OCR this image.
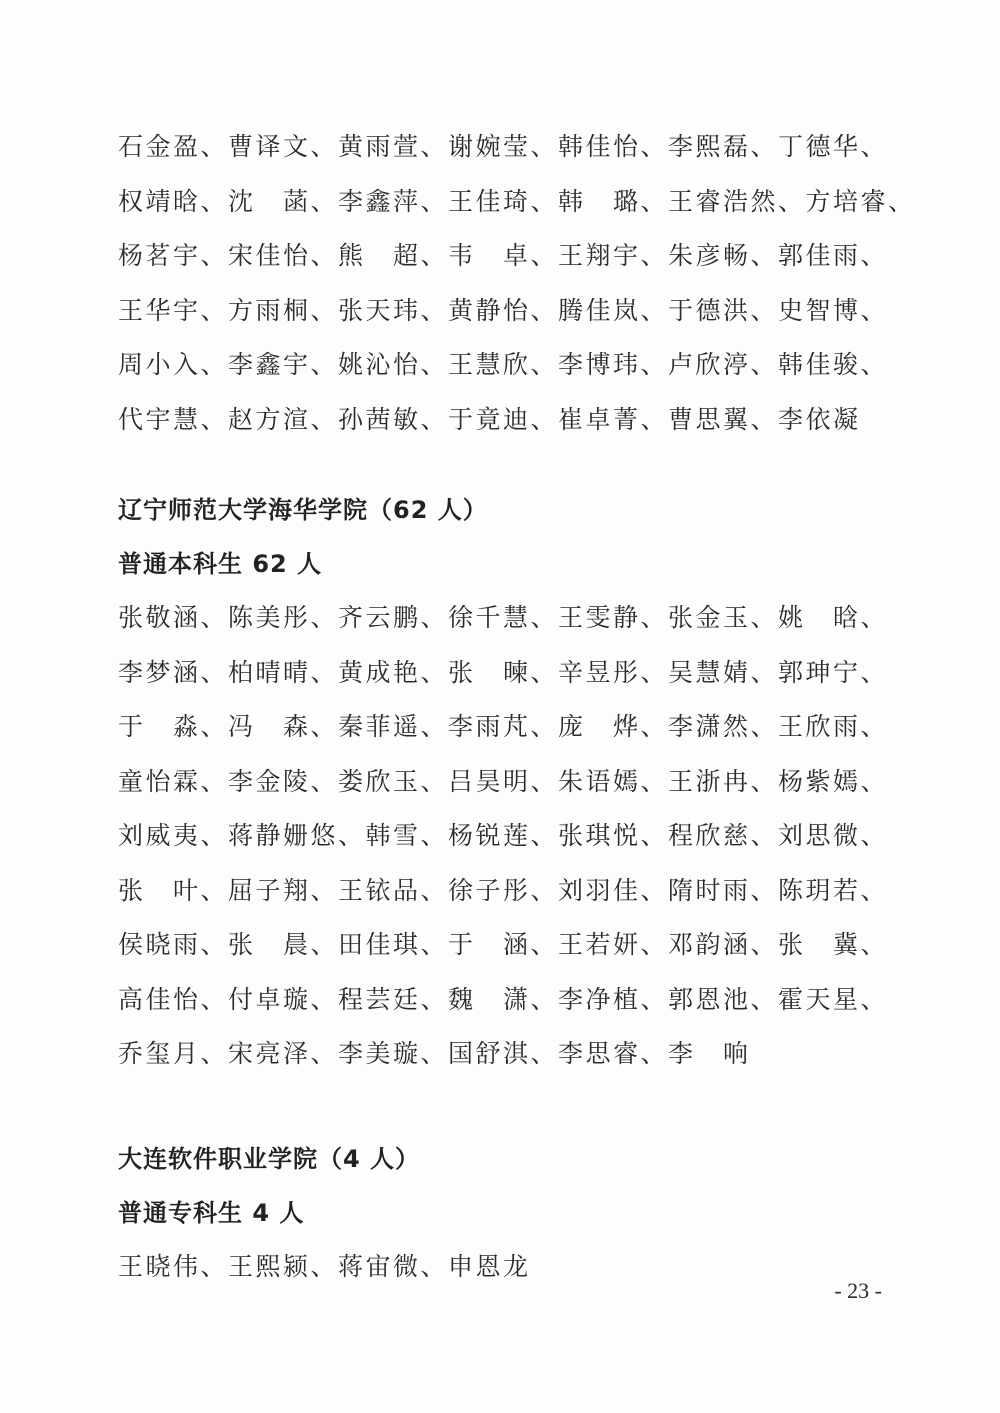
石金盈、曹译文、黄雨萱、谢婉莹、韩佳怡、李熙磊、丁德华、
权靖晗、沈　菡、李鑫萍、王佳琦、韩　璐、王睿浩然、方培睿、
杨茗宇、宋佳怡、熊　超、韦　卓、王翔宇、朱彦畅、郭佳雨、
王华宇、方雨桐、张天玮、黄静怡、腾佳岚、于德洪、史智博、
周小入、李鑫宇、姚沁怡、王慧欣、李博玮、卢欣渟、韩佳骏、
代宇慧、赵方渲、孙茜敏、于竟迪、崔卓菁、曹思翼、李依凝
辽宁师范大学海华学院（62 人）
普通本科生 62 人
张敬涵、陈美彤、齐云鹏、徐千慧、王雯静、张金玉、姚　晗、
李梦涵、柏晴晴、黄成艳、张　暕、辛昱彤、吴慧婧、郭珅宁、
于　淼、冯　森、秦菲遥、李雨芃、庞　烨、李潇然、王欣雨、
童怡霖、李金陵、娄欣玉、吕昊明、朱语嫣、王浙冉、杨紫嫣、
刘威夷、蒋静姗悠、韩雪、杨锐莲、张琪悦、程欣慈、刘思微、
张　叶、屈子翔、王铱品、徐子彤、刘羽佳、隋时雨、陈玥若、
侯晓雨、张　晨、田佳琪、于　涵、王若妍、邓韵涵、张　冀、
高佳怡、付卓璇、程芸廷、魏　潇、李净植、郭恩池、霍天星、
乔玺月、宋亮泽、李美璇、国舒淇、李思睿、李　响
大连软件职业学院（4 人）
普通专科生 4 人
王晓伟、王熙颍、蒋宙微、申恩龙
- 23 -
